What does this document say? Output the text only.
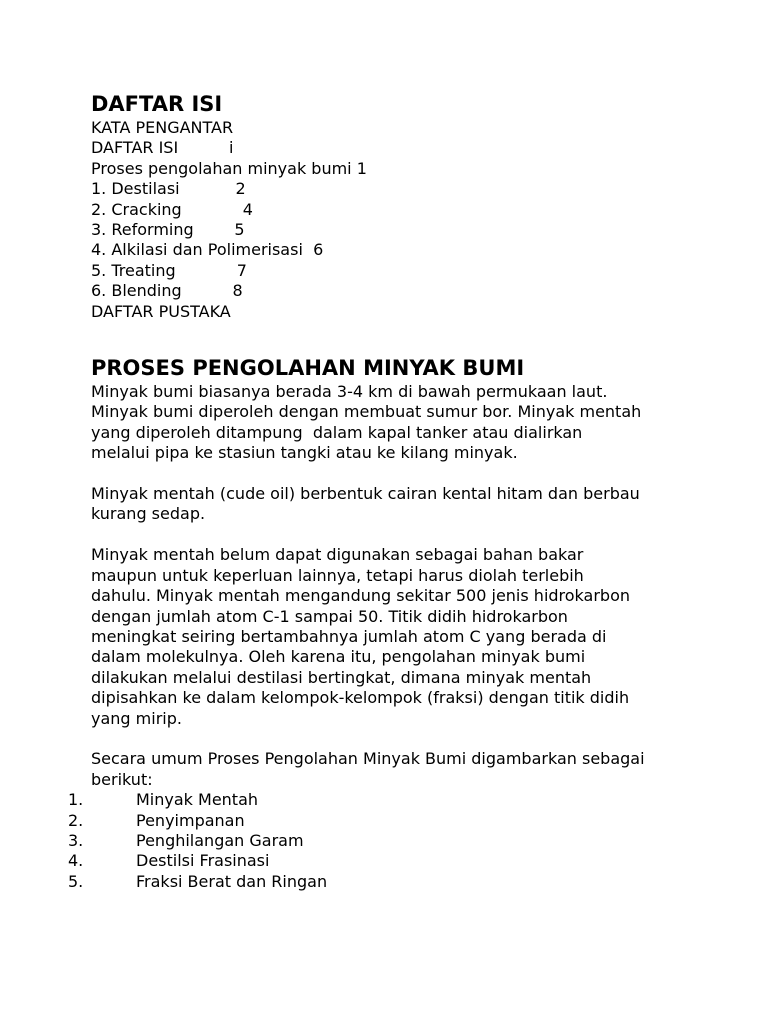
DAFTAR ISI
KATA PENGANTAR
DAFTAR ISI          i
Proses pengolahan minyak bumi 1
1. Destilasi           2
2. Cracking            4
3. Reforming        5
4. Alkilasi dan Polimerisasi  6
5. Treating            7
6. Blending          8
DAFTAR PUSTAKA
PROSES PENGOLAHAN MINYAK BUMI
Minyak bumi biasanya berada 3-4 km di bawah permukaan laut.
Minyak bumi diperoleh dengan membuat sumur bor. Minyak mentah
yang diperoleh ditampung  dalam kapal tanker atau dialirkan
melalui pipa ke stasiun tangki atau ke kilang minyak.
Minyak mentah (cude oil) berbentuk cairan kental hitam dan berbau
kurang sedap.
Minyak mentah belum dapat digunakan sebagai bahan bakar
maupun untuk keperluan lainnya, tetapi harus diolah terlebih
dahulu. Minyak mentah mengandung sekitar 500 jenis hidrokarbon
dengan jumlah atom C-1 sampai 50. Titik didih hidrokarbon
meningkat seiring bertambahnya jumlah atom C yang berada di
dalam molekulnya. Oleh karena itu, pengolahan minyak bumi
dilakukan melalui destilasi bertingkat, dimana minyak mentah
dipisahkan ke dalam kelompok-kelompok (fraksi) dengan titik didih
yang mirip.
Secara umum Proses Pengolahan Minyak Bumi digambarkan sebagai
berikut:
1.	Minyak Mentah
2.	Penyimpanan
3.	Penghilangan Garam
4.	Destilsi Frasinasi
5.	Fraksi Berat dan Ringan
